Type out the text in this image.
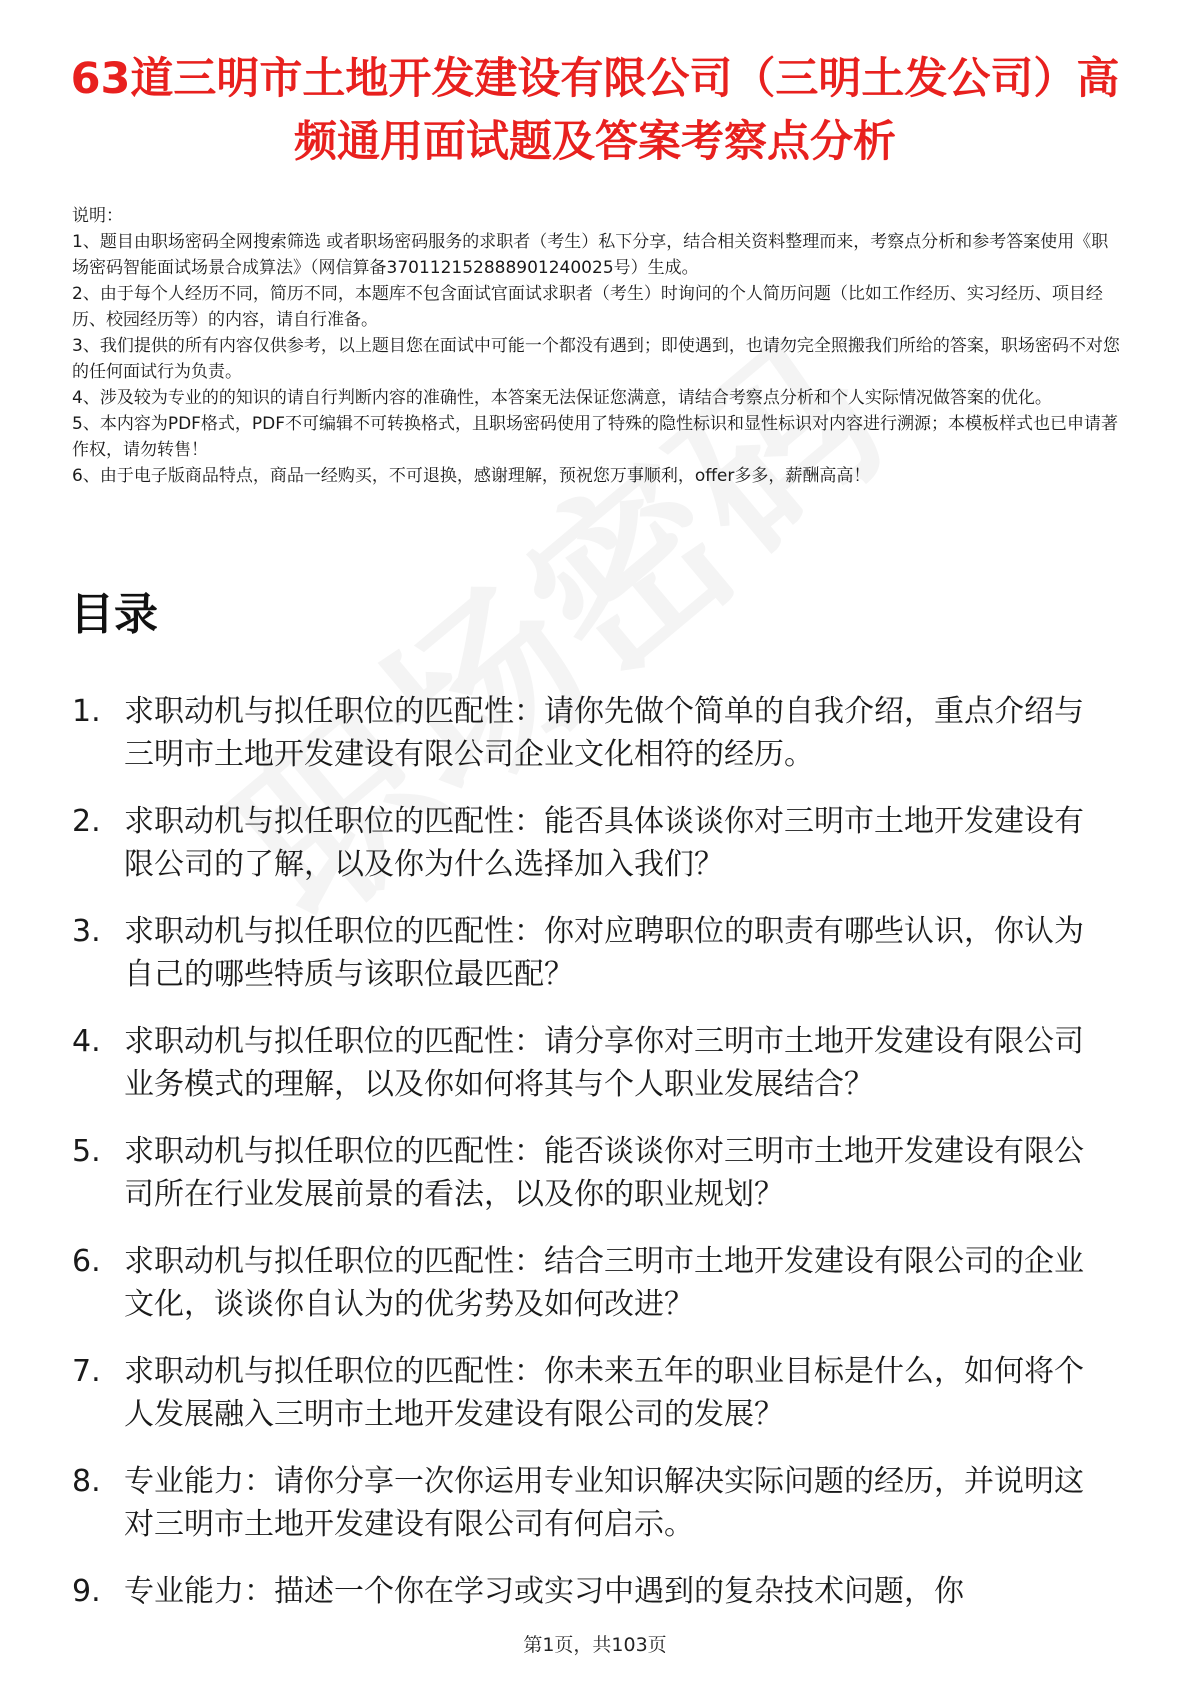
63道三明市土地开发建设有限公司（三明土发公司）高频通用面试题及答案考察点分析

说明：

1、题目由职场密码全网搜索筛选 或者职场密码服务的求职者（考生）私下分享，结合相关资料整理而来，考察点分析和参考答案使用《职场密码智能面试场景合成算法》（网信算备370112152888901240025号）生成。

2、由于每个人经历不同，简历不同，本题库不包含面试官面试求职者（考生）时询问的个人简历问题（比如工作经历、实习经历、项目经历、校园经历等）的内容，请自行准备。

3、我们提供的所有内容仅供参考，以上题目您在面试中可能一个都没有遇到；即使遇到，也请勿完全照搬我们所给的答案，职场密码不对您的任何面试行为负责。

4、涉及较为专业的的知识的请自行判断内容的准确性，本答案无法保证您满意，请结合考察点分析和个人实际情况做答案的优化。

5、本内容为PDF格式，PDF不可编辑不可转换格式，且职场密码使用了特殊的隐性标识和显性标识对内容进行溯源；本模板样式也已申请著作权，请勿转售！

6、由于电子版商品特点，商品一经购买，不可退换，感谢理解，预祝您万事顺利，offer多多，薪酬高高！

目录
1. 求职动机与拟任职位的匹配性：请你先做个简单的自我介绍，重点介绍与三明市土地开发建设有限公司企业文化相符的经历。
2. 求职动机与拟任职位的匹配性：能否具体谈谈你对三明市土地开发建设有限公司的了解，以及你为什么选择加入我们？
3. 求职动机与拟任职位的匹配性：你对应聘职位的职责有哪些认识，你认为自己的哪些特质与该职位最匹配？
4. 求职动机与拟任职位的匹配性：请分享你对三明市土地开发建设有限公司业务模式的理解，以及你如何将其与个人职业发展结合？
5. 求职动机与拟任职位的匹配性：能否谈谈你对三明市土地开发建设有限公司所在行业发展前景的看法，以及你的职业规划？
6. 求职动机与拟任职位的匹配性：结合三明市土地开发建设有限公司的企业文化，谈谈你自认为的优劣势及如何改进？
7. 求职动机与拟任职位的匹配性：你未来五年的职业目标是什么，如何将个人发展融入三明市土地开发建设有限公司的发展？
8. 专业能力：请你分享一次你运用专业知识解决实际问题的经历，并说明这对三明市土地开发建设有限公司有何启示。
9. 专业能力：描述一个你在学习或实习中遇到的复杂技术问题，你
第1页，共103页
